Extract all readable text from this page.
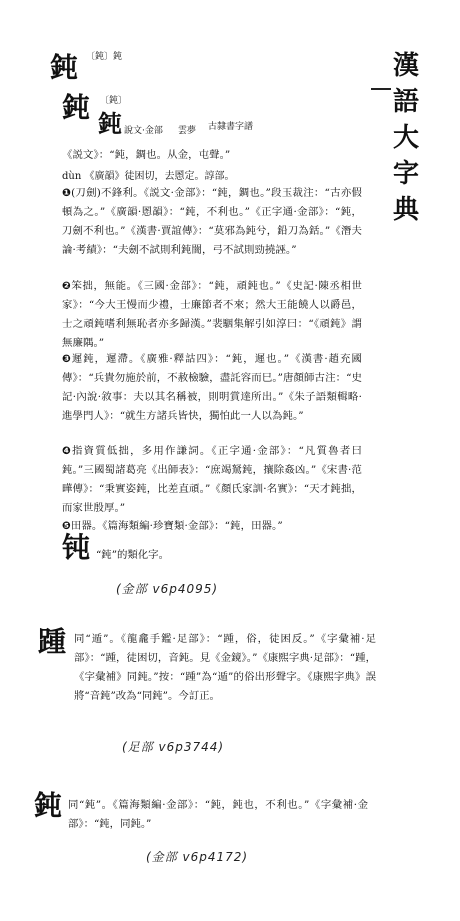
漢
語
大
字
典
鈍 〔鈍〕鈍
鈍 〔鈍〕
鈍 說文·金部 雲夢 古隸書字譜
《説文》：“鈍，錭也。从金，屯聲。”
dùn 《廣韻》徒困切，去慁定。諄部。
❶(刀劍)不鋒利。《説文·金部》：“鈍，錭也。”段玉裁注：“古亦假頓為之。”《廣韻·慁韻》：“鈍，不利也。”《正字通·金部》：“鈍，刀劍不利也。”《漢書·賈誼傳》：“莫邪為鈍兮，鉛刀為銛。”《潛夫論·考績》：“夫劍不試則利鈍闇，弓不試則勁撓誣。”
❷笨拙，無能。《三國·金部》：“鈍，頑鈍也。”《史記·陳丞相世家》：“今大王慢而少禮，士廉節者不來；然大王能饒人以爵邑，士之頑鈍嗜利無恥者亦多歸漢。”裴駰集解引如淳曰：“《頑鈍》謂無廉隅。”
❸遲鈍，遲滯。《廣雅·釋詁四》：“鈍，遲也。”《漢書·趙充國傳》：“兵貴勿施於前，不赦檢驗，盡託容而巳。”唐顏師古注：“史記·內說·敘事：夫以其名稱被，則明賞達所出。”《朱子語類輯略·進學門人》：“就生方諸兵皆快，獨怕此一人以為鈍。”
❹指資質低拙，多用作謙詞。《正字通·金部》：“凡質魯者曰鈍。”三國蜀諸葛亮《出師表》：“庶竭駑鈍，攘除姦凶。”《宋書·范曄傳》：“秉實姿鈍，比差直頑。”《顏氏家訓·名實》：“天才鈍拙，而家世殷厚。”
❺田器。《篇海類編·珍寶類·金部》：“鈍，田器。”
钝 “鈍”的類化字。
(金部 v6p4095)
踵 同“遁”。《龍龕手鑑·足部》：“踵，俗，徒困反。”《字彙補·足部》：“踵，徒困切，音鈍。見《金鏡》。”《康熙字典·足部》：“踵，《字彙補》同鈍。”按：“踵”為“遁”的俗出形聲字。《康熙字典》誤將“音鈍”改為“同鈍”。今訂正。
(足部 v6p3744)
鈍 同“鈍”。《篇海類編·金部》：“鈍，鈍也，不利也。”《字彙補·金部》：“鈍，同鈍。”
(金部 v6p4172)
